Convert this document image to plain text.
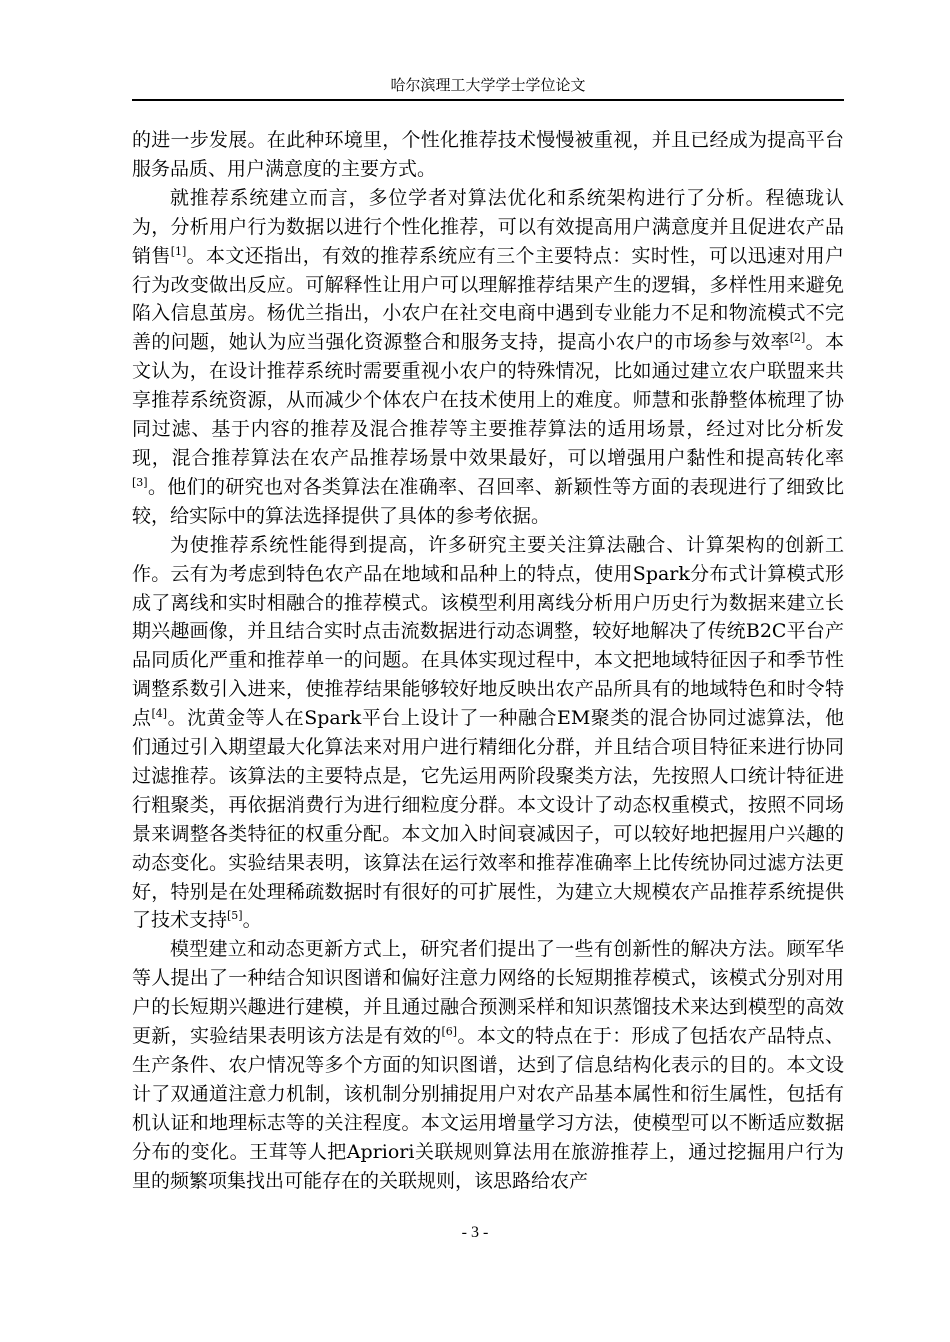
哈尔滨理工大学学士学位论文

的进一步发展。在此种环境里，个性化推荐技术慢慢被重视，并且已经成为提高平台服务品质、用户满意度的主要方式。

就推荐系统建立而言，多位学者对算法优化和系统架构进行了分析。程德珑认为，分析用户行为数据以进行个性化推荐，可以有效提高用户满意度并且促进农产品销售[1]。本文还指出，有效的推荐系统应有三个主要特点：实时性，可以迅速对用户行为改变做出反应。可解释性让用户可以理解推荐结果产生的逻辑，多样性用来避免陷入信息茧房。杨优兰指出，小农户在社交电商中遇到专业能力不足和物流模式不完善的问题，她认为应当强化资源整合和服务支持，提高小农户的市场参与效率[2]。本文认为，在设计推荐系统时需要重视小农户的特殊情况，比如通过建立农户联盟来共享推荐系统资源，从而减少个体农户在技术使用上的难度。师慧和张静整体梳理了协同过滤、基于内容的推荐及混合推荐等主要推荐算法的适用场景，经过对比分析发现，混合推荐算法在农产品推荐场景中效果最好，可以增强用户黏性和提高转化率[3]。他们的研究也对各类算法在准确率、召回率、新颖性等方面的表现进行了细致比较，给实际中的算法选择提供了具体的参考依据。

为使推荐系统性能得到提高，许多研究主要关注算法融合、计算架构的创新工作。云有为考虑到特色农产品在地域和品种上的特点，使用Spark分布式计算模式形成了离线和实时相融合的推荐模式。该模型利用离线分析用户历史行为数据来建立长期兴趣画像，并且结合实时点击流数据进行动态调整，较好地解决了传统B2C平台产品同质化严重和推荐单一的问题。在具体实现过程中，本文把地域特征因子和季节性调整系数引入进来，使推荐结果能够较好地反映出农产品所具有的地域特色和时令特点[4]。沈黄金等人在Spark平台上设计了一种融合EM聚类的混合协同过滤算法，他们通过引入期望最大化算法来对用户进行精细化分群，并且结合项目特征来进行协同过滤推荐。该算法的主要特点是，它先运用两阶段聚类方法，先按照人口统计特征进行粗聚类，再依据消费行为进行细粒度分群。本文设计了动态权重模式，按照不同场景来调整各类特征的权重分配。本文加入时间衰减因子，可以较好地把握用户兴趣的动态变化。实验结果表明，该算法在运行效率和推荐准确率上比传统协同过滤方法更好，特别是在处理稀疏数据时有很好的可扩展性，为建立大规模农产品推荐系统提供了技术支持[5]。

模型建立和动态更新方式上，研究者们提出了一些有创新性的解决方法。顾军华等人提出了一种结合知识图谱和偏好注意力网络的长短期推荐模式，该模式分别对用户的长短期兴趣进行建模，并且通过融合预测采样和知识蒸馏技术来达到模型的高效更新，实验结果表明该方法是有效的[6]。本文的特点在于：形成了包括农产品特点、生产条件、农户情况等多个方面的知识图谱，达到了信息结构化表示的目的。本文设计了双通道注意力机制，该机制分别捕捉用户对农产品基本属性和衍生属性，包括有机认证和地理标志等的关注程度。本文运用增量学习方法，使模型可以不断适应数据分布的变化。王茸等人把Apriori关联规则算法用在旅游推荐上，通过挖掘用户行为里的频繁项集找出可能存在的关联规则，该思路给农产

- 3 -
